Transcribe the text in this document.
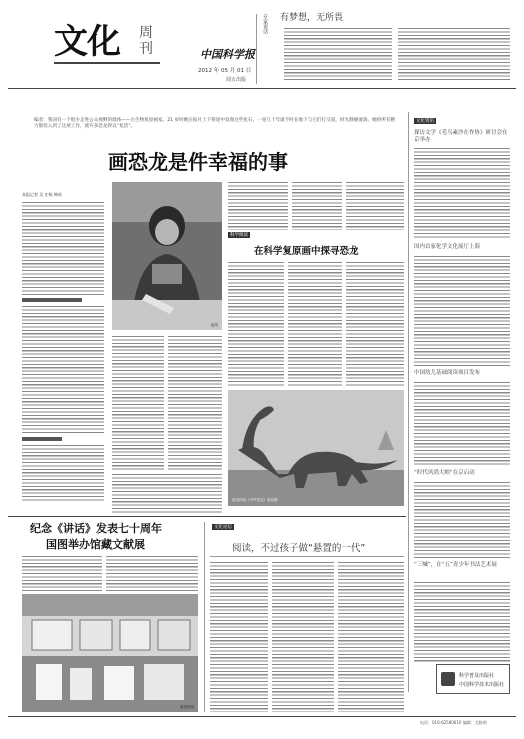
文化 周
刊	中国科学报
2012 年 05 月 01 日
周五出版
专家说话 有梦想，无所畏
编者：我国有一个很少走进公众视野的群体——古生物复原画家。21 岁时她在报社上下班途中发现这些化石，一晃几十年就不时在地下与它们打交道。时光静静流淌，她将所有精力都投入到了这项工作，使许多恐龙得以“复活”。
画恐龙是件幸福的事
本报记者 吴 庄杨 韩琦
赵闯
科学阅读
在科学复原画中探寻恐龙
赵闯作品《中华龙鸟》复原图
文化资讯
探访文学《毛乌素沙在作协》研讨会在京举办
国内首家化学文化展厅上海
中国幼儿基础阅读项目发布
“时代风尚大师”在京启动
“三喊”，在“五”青少年书法艺术展
科学普及出版社
中国科学技术出版社
纪念《讲话》发表七十周年
国图举办馆藏文献展
展览现场
文化论坛
阅读，不过孩子做“悬置的一代”
电话：010-62580610 编辑：尤晓萌
